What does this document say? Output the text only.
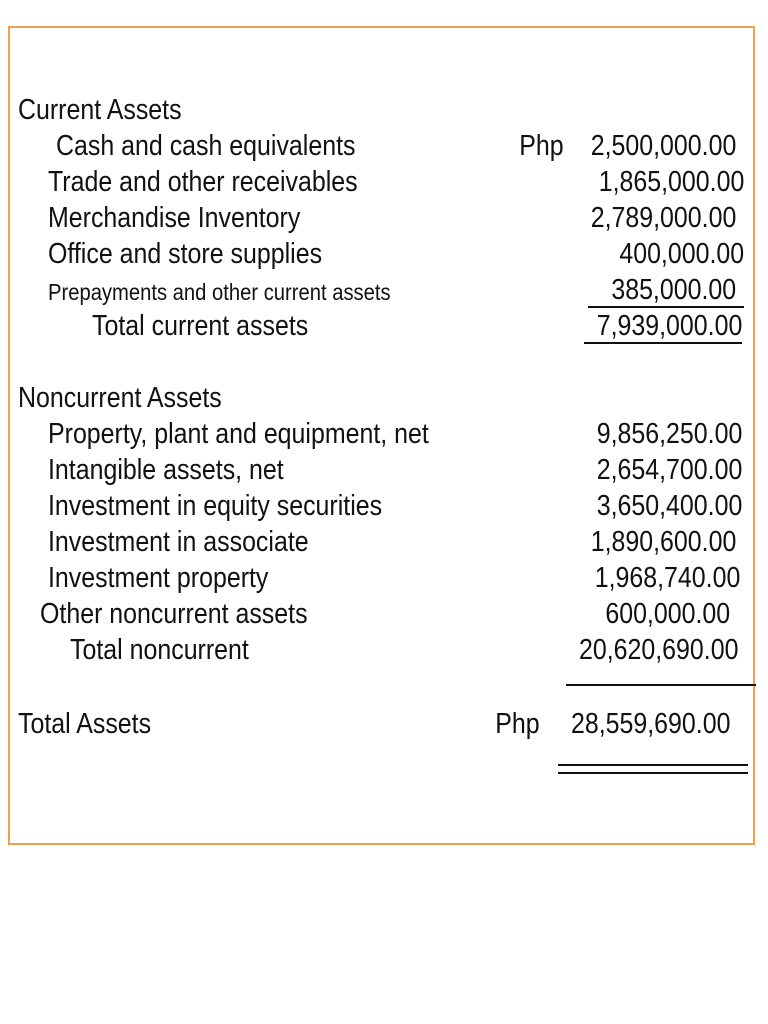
Current Assets
Cash and cash equivalents	Php 2,500,000.00
Trade and other receivables	1,865,000.00
Merchandise Inventory	2,789,000.00
Office and store supplies	400,000.00
Prepayments and other current assets	385,000.00
Total current assets	7,939,000.00
Noncurrent Assets
Property, plant and equipment, net	9,856,250.00
Intangible assets, net	2,654,700.00
Investment in equity securities	3,650,400.00
Investment in associate	1,890,600.00
Investment property	1,968,740.00
Other noncurrent assets	600,000.00
Total noncurrent	20,620,690.00
Total Assets	Php 28,559,690.00
